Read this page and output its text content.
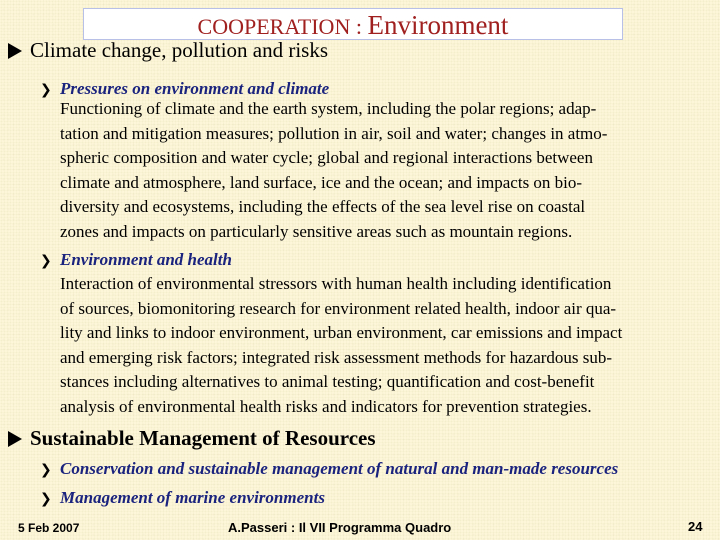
COOPERATION : Environment
Climate change, pollution and risks
❯ Pressures on environment and climate
Functioning of climate and the earth system, including the polar regions; adap-
tation and mitigation measures; pollution in air, soil and water; changes in atmo-
spheric composition and water cycle; global and regional interactions between
climate and atmosphere, land surface, ice and the ocean; and impacts on bio-
diversity and ecosystems, including the effects of the sea level rise on coastal
zones and impacts on particularly sensitive areas such as mountain regions.
❯ Environment and health
Interaction of environmental stressors with human health including identification
of sources, biomonitoring research for environment related health, indoor air qua-
lity and links to indoor environment, urban environment, car emissions and impact
and emerging risk factors; integrated risk assessment methods for hazardous sub-
stances including alternatives to animal testing; quantification and cost-benefit
analysis of environmental health risks and indicators for prevention strategies.
Sustainable Management of Resources
❯ Conservation and sustainable management of natural and man-made resources
❯ Management of marine environments
5 Feb 2007	A.Passeri : Il VII Programma Quadro	24
